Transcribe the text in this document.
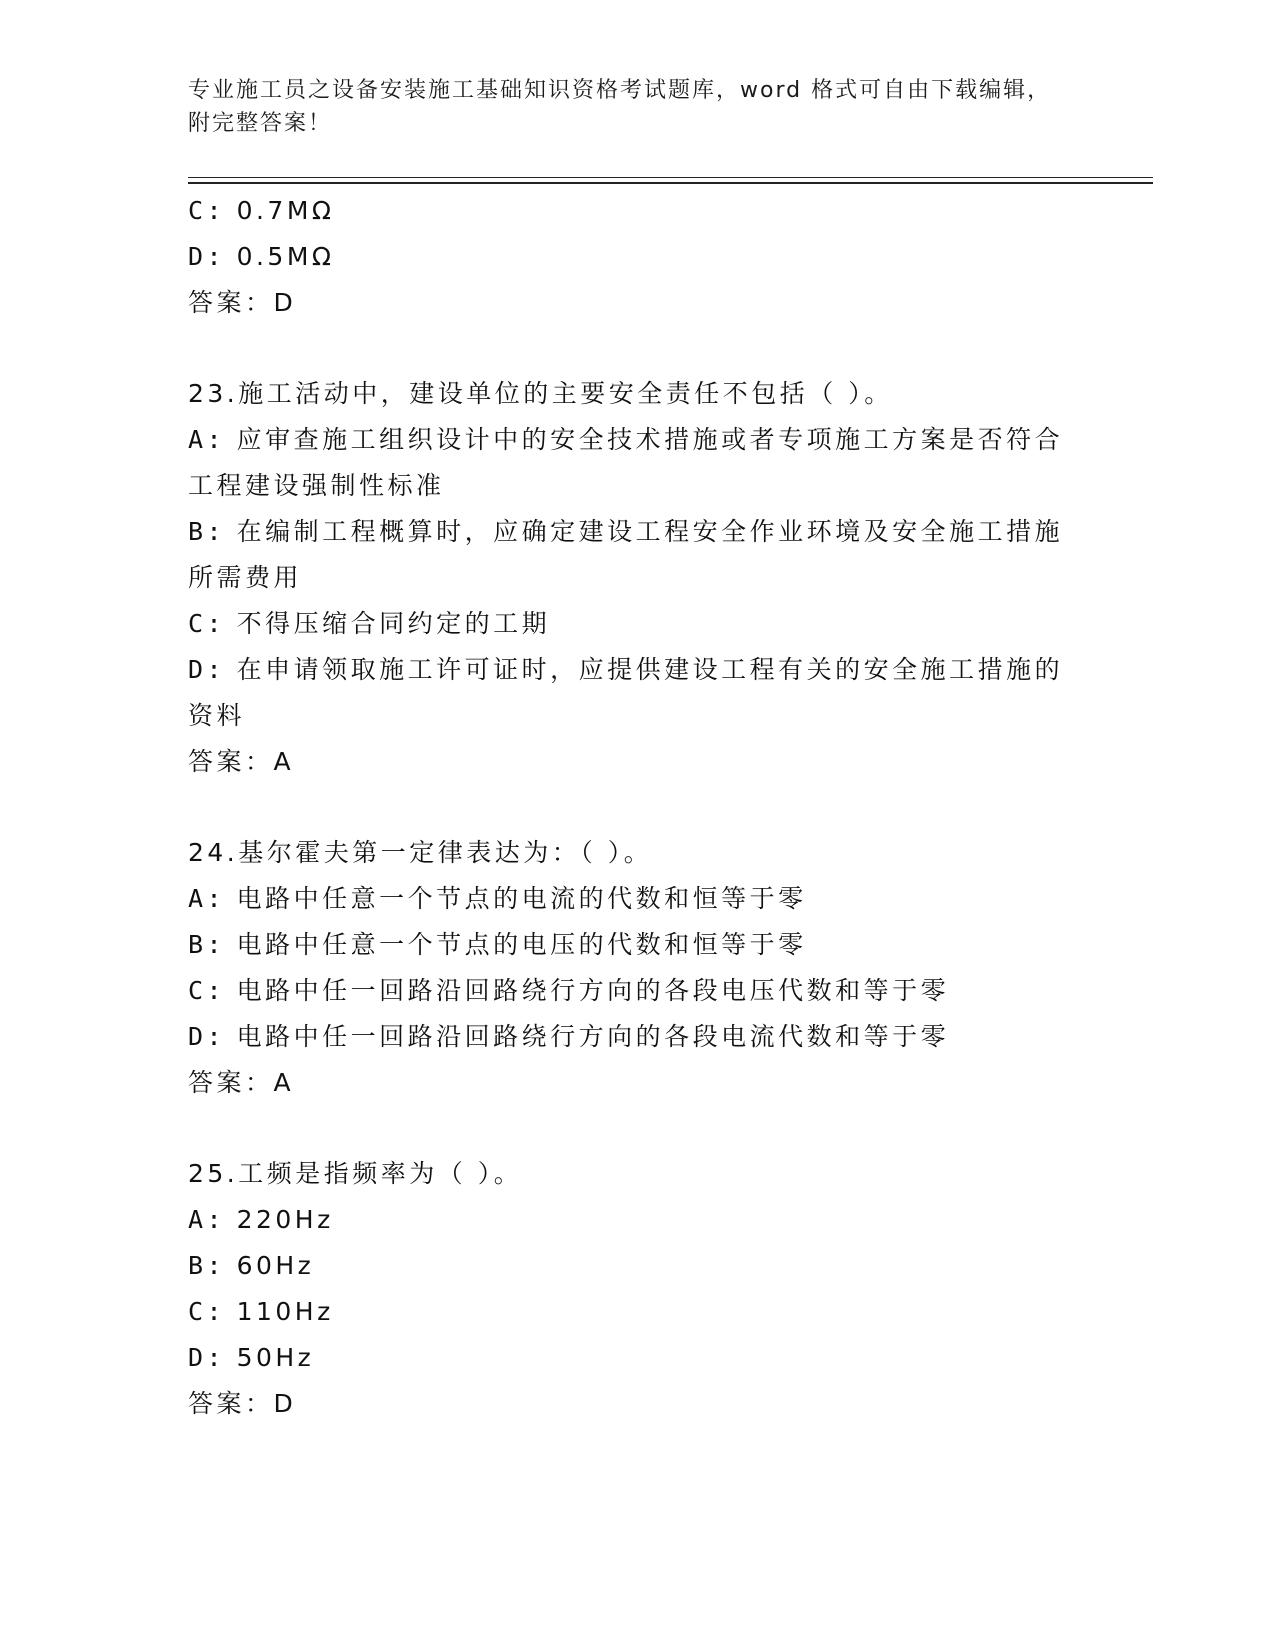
专业施工员之设备安装施工基础知识资格考试题库，word 格式可自由下载编辑，
附完整答案！
C: 0.7MΩ
D: 0.5MΩ
答案：D
23.施工活动中，建设单位的主要安全责任不包括（ ）。
A: 应审查施工组织设计中的安全技术措施或者专项施工方案是否符合
工程建设强制性标准
B: 在编制工程概算时，应确定建设工程安全作业环境及安全施工措施
所需费用
C: 不得压缩合同约定的工期
D: 在申请领取施工许可证时，应提供建设工程有关的安全施工措施的
资料
答案：A
24.基尔霍夫第一定律表达为：（ ）。
A: 电路中任意一个节点的电流的代数和恒等于零
B: 电路中任意一个节点的电压的代数和恒等于零
C: 电路中任一回路沿回路绕行方向的各段电压代数和等于零
D: 电路中任一回路沿回路绕行方向的各段电流代数和等于零
答案：A
25.工频是指频率为（ ）。
A: 220Hz
B: 60Hz
C: 110Hz
D: 50Hz
答案：D
